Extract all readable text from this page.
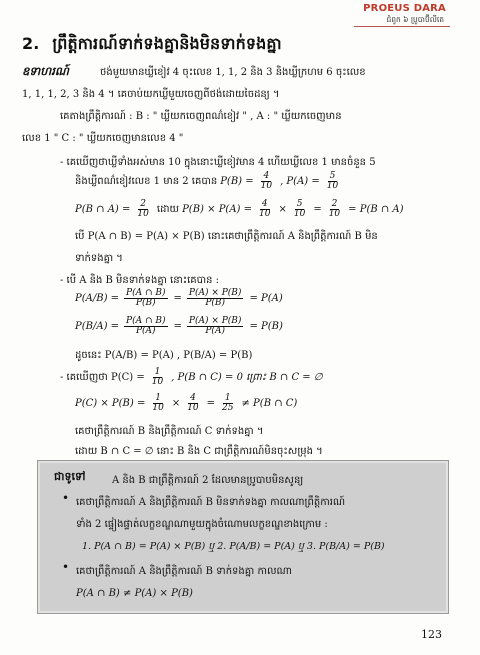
PROEUS DARA
ជំពូក ៦ ប្រូបាប៊ីលីតេ
2. ព្រឹត្តិការណ៍ទាក់ទងគ្នានិងមិនទាក់ទងគ្នា
ឧទាហរណ៍	ថង់មួយមានឃ្លីខៀវ 4 ចុះលេខ 1, 1, 2 និង 3 និងឃ្លីក្រហម 6 ចុះលេខ
1, 1, 1, 2, 3 និង 4 ។ គេចាប់យកឃ្លីមួយចេញពីថង់ដោយចៃដន្យ ។
គេតាងព្រឹត្តិការណ៍ : B : " ឃ្លីយកចេញពណ៌ខៀវ " , A : " ឃ្លីយកចេញមាន
លេខ 1 " C : " ឃ្លីយកចេញមានលេខ 4 "
- គេឃើញថាឃ្លីទាំងអស់មាន 10 ក្នុងនោះឃ្លីខៀវមាន 4 ហើយឃ្លីលេខ 1 មានចំនួន 5
និងឃ្លីពណ៌ខៀវលេខ 1 មាន 2 គេបាន $P(B) = \frac{4}{10}$ , $P(A) = \frac{5}{10}$
P(B ∩ $A) = \frac{2}{10}$ ដោយ $P(B) \times P(A) = \frac{4}{10} \times \frac{5}{10} = \frac{2}{10} = P(B$ ∩ A)
បើ P(A ∩ B) = P(A) × P(B) នោះគេថាព្រឹត្តិការណ៍ A និងព្រឹត្តិការណ៍ B មិន
ទាក់ទងគ្នា ។
- បើ A និង B មិនទាក់ទងគ្នា នោះគេបាន :
$P(A/B) = \frac{P(A \cap B)}{P(B)} = \frac{P(A) \times P(B)}{P(B)} = P(A)$
$P(B/A) = \frac{P(A \cap B)}{P(A)} = \frac{P(A) \times P(B)}{P(A)} = P(B)$
ដូចនេះ P(A/B) = P(A) , P(B/A) = P(B)
- គេឃើញថា $P(C) = \frac{1}{10}$ , P(B ∩ C) = 0 ព្រោះ B ∩ C = ∅
$P(C) \times P(B) = \frac{1}{10} \times \frac{4}{10} = \frac{1}{25} \ne P(B$ ∩ C)
គេថាព្រឹត្តិការណ៍ B និងព្រឹត្តិការណ៍ C ទាក់ទងគ្នា ។
ដោយ B ∩ C = ∅ នោះ B និង C ជាព្រឹត្តិការណ៍មិនចុះសម្រុង ។
ជាទូទៅ	A និង B ជាព្រឹត្តិការណ៍ 2 ដែលមានប្រូបាបមិនសូន្យ
• គេថាព្រឹត្តិការណ៍ A និងព្រឹត្តិការណ៍ B មិនទាក់ទងគ្នា កាលណាព្រឹត្តិការណ៍
ទាំង 2 ផ្ទៀងផ្ទាត់លក្ខខណ្ឌណាមួយក្នុងចំណោមលក្ខខណ្ឌខាងក្រោម :
1. P(A ∩ B) = P(A) × P(B) ឬ 2. P(A/B) = P(A) ឬ 3. P(B/A) = P(B)
• គេថាព្រឹត្តិការណ៍ A និងព្រឹត្តិការណ៍ B ទាក់ទងគ្នា កាលណា
P(A ∩ B) ≠ P(A) × P(B)
123
